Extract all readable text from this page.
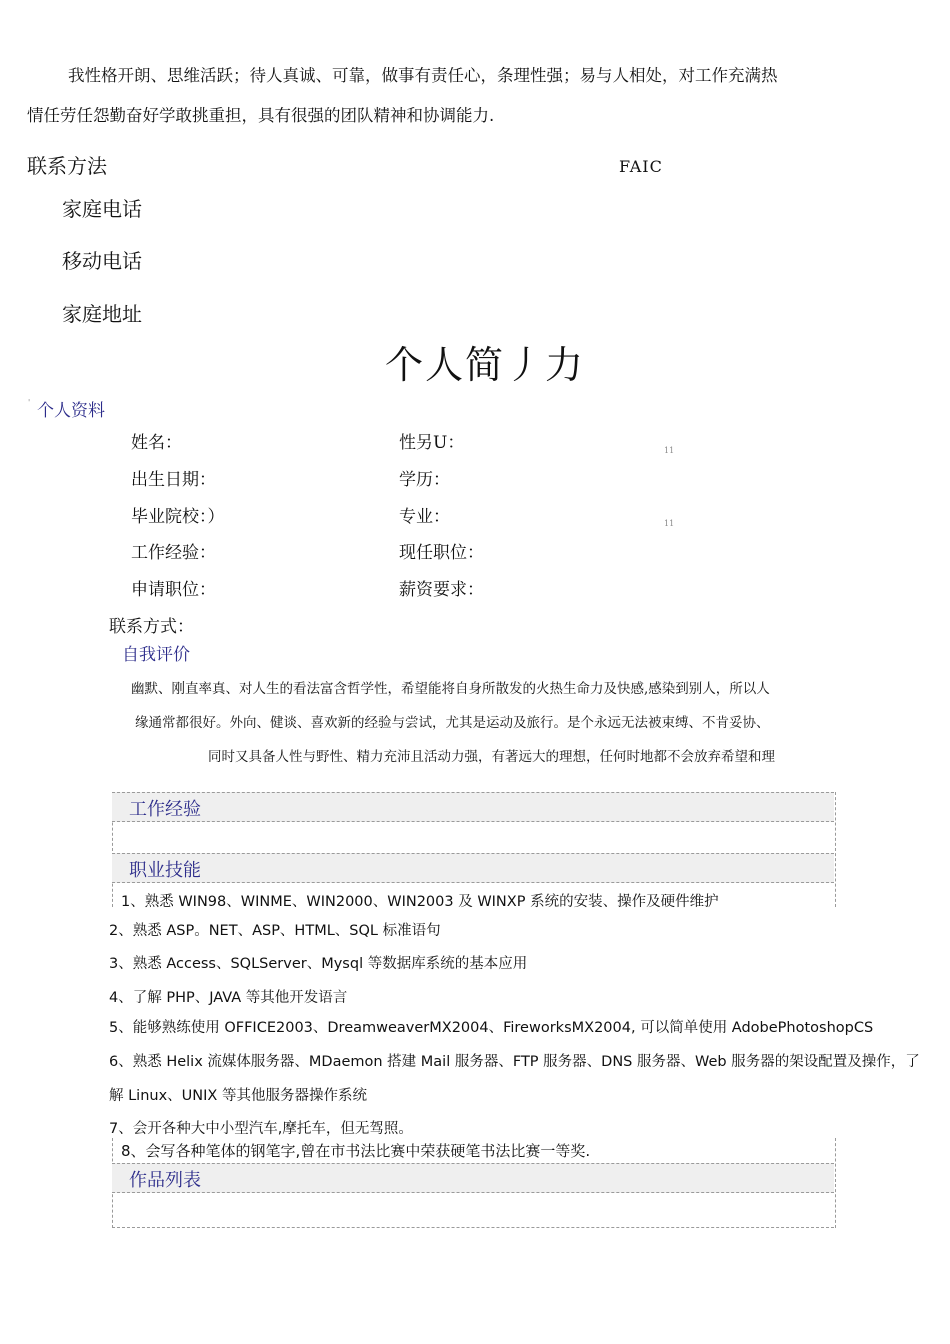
我性格开朗、思维活跃；待人真诚、可靠，做事有责任心，条理性强；易与人相处，对工作充满热
情任劳任怨勤奋好学敢挑重担，具有很强的团队精神和协调能力.
联系方法	FAIC
家庭电话
移动电话
家庭地址
个人简丿力
' 个人资料
姓名：
出生日期：
毕业院校：）
工作经验：
申请职位：
性另U：
学历：
专业：
现任职位：
薪资要求：
11
11
联系方式：
自我评价
幽默、刚直率真、对人生的看法富含哲学性，希望能将自身所散发的火热生命力及快感,感染到别人，所以人
缘通常都很好。外向、健谈、喜欢新的经验与尝试，尤其是运动及旅行。是个永远无法被束缚、不肯妥协、
同时又具备人性与野性、精力充沛且活动力强，有著远大的理想，任何时地都不会放弃希望和理
工作经验
职业技能
1、熟悉 WIN98、WINME、WIN2000、WIN2003 及 WINXP 系统的安装、操作及硬件维护
2、熟悉 ASP。NET、ASP、HTML、SQL 标准语句
3、熟悉 Access、SQLServer、Mysql 等数据库系统的基本应用
4、了解 PHP、JAVA 等其他开发语言
5、能够熟练使用 OFFICE2003、DreamweaverMX2004、FireworksMX2004, 可以简单使用 AdobePhotoshopCS
6、熟悉 Helix 流媒体服务器、MDaemon 搭建 Mail 服务器、FTP 服务器、DNS 服务器、Web 服务器的架设配置及操作，了
解 Linux、UNIX 等其他服务器操作系统
7、会开各种大中小型汽车,摩托车，但无驾照。
8、会写各种笔体的钢笔字,曾在市书法比赛中荣获硬笔书法比赛一等奖.
作品列表
